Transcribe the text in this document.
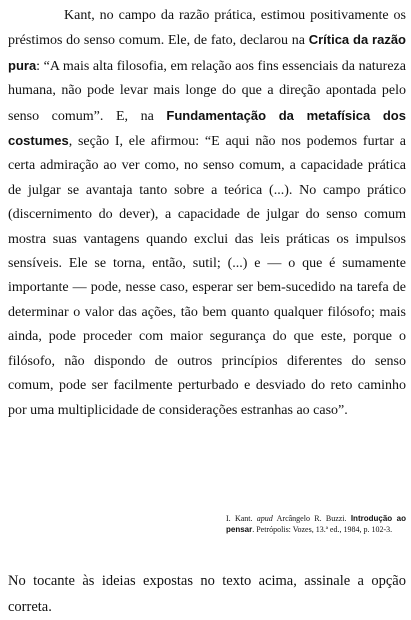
Kant, no campo da razão prática, estimou positivamente os préstimos do senso comum. Ele, de fato, declarou na Crítica da razão pura: “A mais alta filosofia, em relação aos fins essenciais da natureza humana, não pode levar mais longe do que a direção apontada pelo senso comum”. E, na Fundamentação da metafísica dos costumes, seção I, ele afirmou: “E aqui não nos podemos furtar a certa admiração ao ver como, no senso comum, a capacidade prática de julgar se avantaja tanto sobre a teórica (...). No campo prático (discernimento do dever), a capacidade de julgar do senso comum mostra suas vantagens quando exclui das leis práticas os impulsos sensíveis. Ele se torna, então, sutil; (...) e — o que é sumamente importante — pode, nesse caso, esperar ser bem-sucedido na tarefa de determinar o valor das ações, tão bem quanto qualquer filósofo; mais ainda, pode proceder com maior segurança do que este, porque o filósofo, não dispondo de outros princípios diferentes do senso comum, pode ser facilmente perturbado e desviado do reto caminho por uma multiplicidade de considerações estranhas ao caso”.
I. Kant. apud Arcângelo R. Buzzi. Introdução ao pensar. Petrópolis: Vozes, 13.ª ed., 1984, p. 102-3.
No tocante às ideias expostas no texto acima, assinale a opção correta.
